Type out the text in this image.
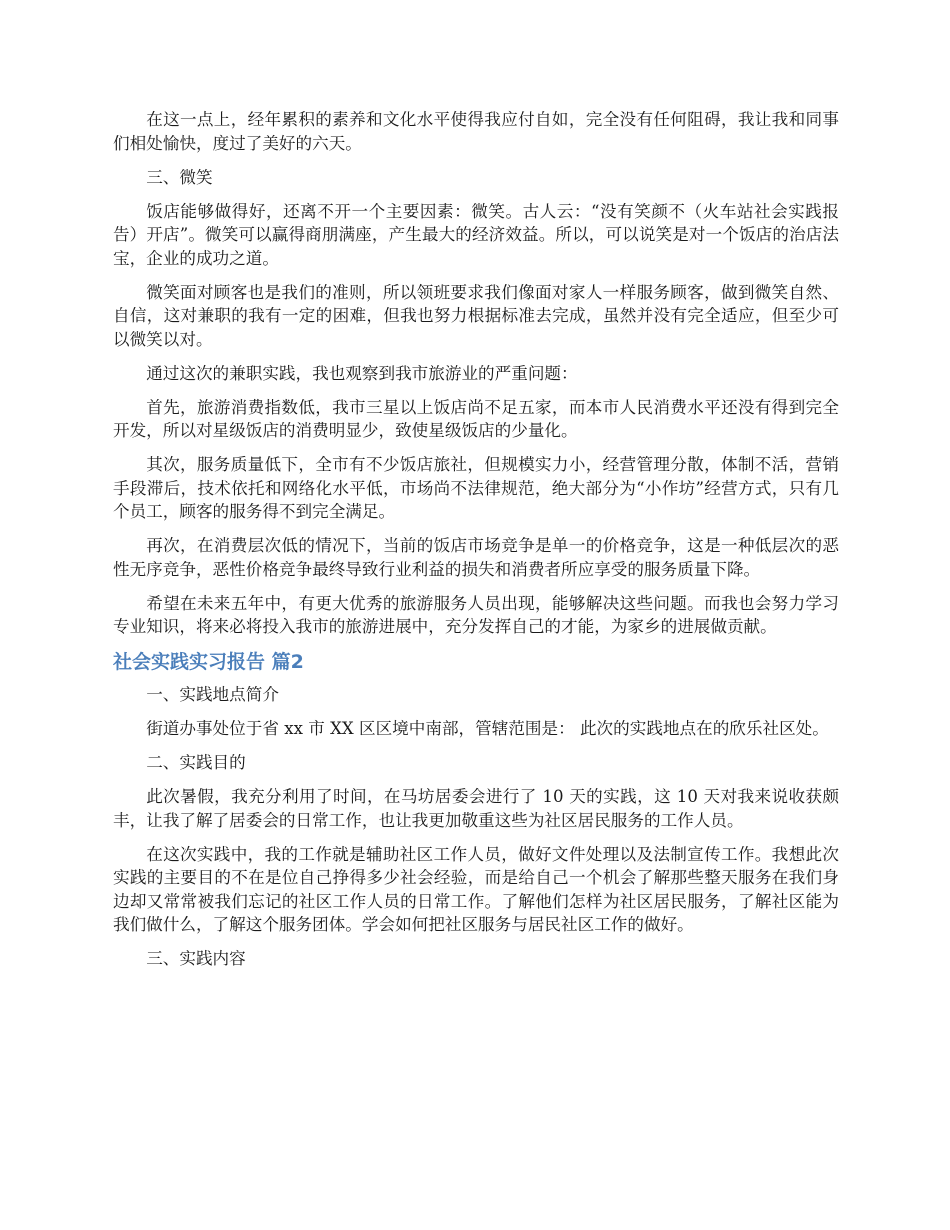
在这一点上，经年累积的素养和文化水平使得我应付自如，完全没有任何阻碍，我让我和同事们相处愉快，度过了美好的六天。

三、微笑

饭店能够做得好，还离不开一个主要因素：微笑。古人云：“没有笑颜不（火车站社会实践报告）开店”。微笑可以赢得商朋满座，产生最大的经济效益。所以，可以说笑是对一个饭店的治店法宝，企业的成功之道。

微笑面对顾客也是我们的准则，所以领班要求我们像面对家人一样服务顾客，做到微笑自然、自信，这对兼职的我有一定的困难，但我也努力根据标准去完成，虽然并没有完全适应，但至少可以微笑以对。

通过这次的兼职实践，我也观察到我市旅游业的严重问题：

首先，旅游消费指数低，我市三星以上饭店尚不足五家，而本市人民消费水平还没有得到完全开发，所以对星级饭店的消费明显少，致使星级饭店的少量化。

其次，服务质量低下，全市有不少饭店旅社，但规模实力小，经营管理分散，体制不活，营销手段滞后，技术依托和网络化水平低，市场尚不法律规范，绝大部分为“小作坊”经营方式，只有几个员工，顾客的服务得不到完全满足。

再次，在消费层次低的情况下，当前的饭店市场竞争是单一的价格竞争，这是一种低层次的恶性无序竞争，恶性价格竞争最终导致行业利益的损失和消费者所应享受的服务质量下降。

希望在未来五年中，有更大优秀的旅游服务人员出现，能够解决这些问题。而我也会努力学习专业知识，将来必将投入我市的旅游进展中，充分发挥自己的才能，为家乡的进展做贡献。

社会实践实习报告 篇2

一、实践地点简介

街道办事处位于省 xx 市 XX 区区境中南部，管辖范围是： 此次的实践地点在的欣乐社区处。

二、实践目的

此次暑假，我充分利用了时间，在马坊居委会进行了 10 天的实践，这 10 天对我来说收获颇丰，让我了解了居委会的日常工作，也让我更加敬重这些为社区居民服务的工作人员。

在这次实践中，我的工作就是辅助社区工作人员，做好文件处理以及法制宣传工作。我想此次实践的主要目的不在是位自己挣得多少社会经验，而是给自己一个机会了解那些整天服务在我们身边却又常常被我们忘记的社区工作人员的日常工作。了解他们怎样为社区居民服务，了解社区能为我们做什么，了解这个服务团体。学会如何把社区服务与居民社区工作的做好。

三、实践内容
